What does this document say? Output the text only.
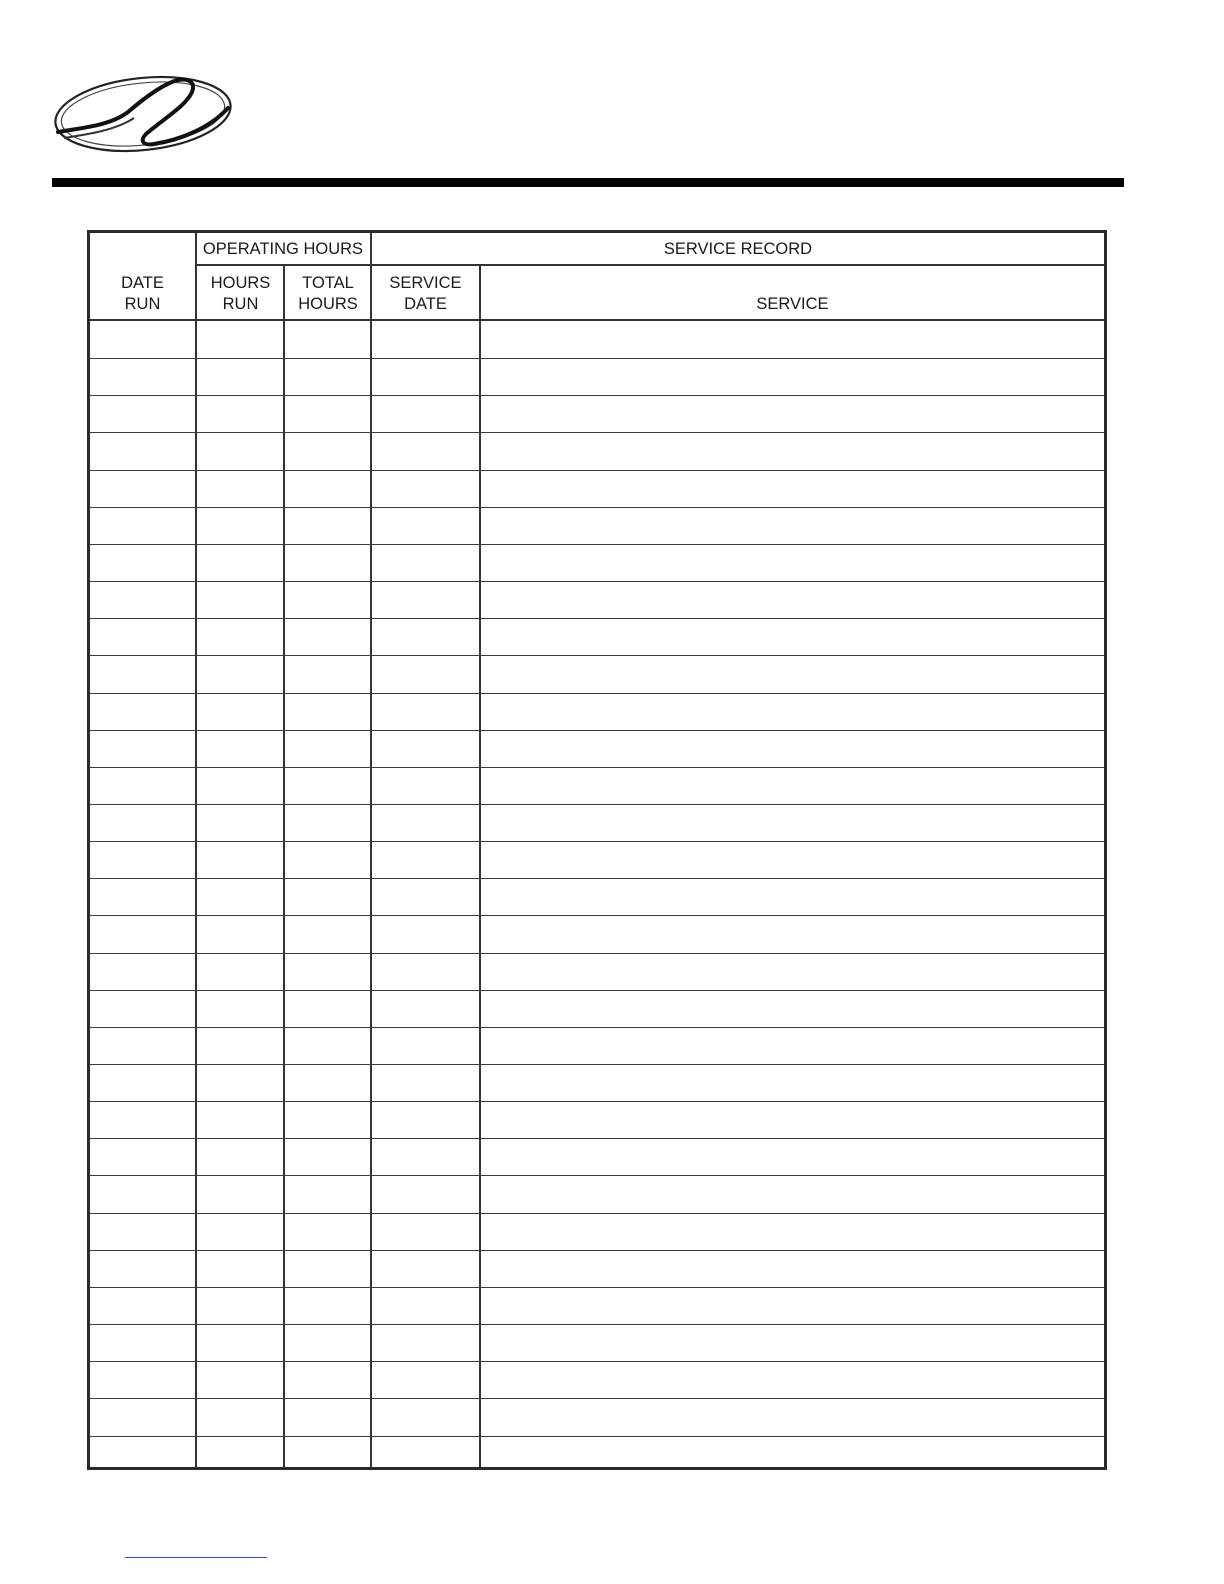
OPERATING HOURS	SERVICE RECORD
DATE
RUN
HOURS
RUN
TOTAL
HOURS
SERVICE
DATE	SERVICE
